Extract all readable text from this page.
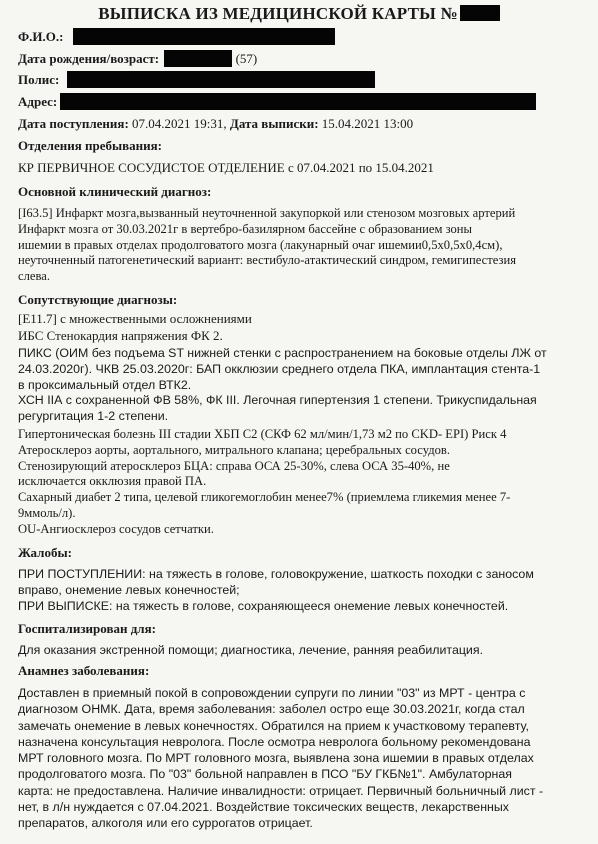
ВЫПИСКА ИЗ МЕДИЦИНСКОЙ КАРТЫ №
Ф.И.О.:
Дата рождения/возраст:	(57)
Полис:
Адрес:
Дата поступления: 07.04.2021 19:31, Дата выписки: 15.04.2021 13:00
Отделения пребывания:
КР ПЕРВИЧНОЕ СОСУДИСТОЕ ОТДЕЛЕНИЕ с 07.04.2021 по 15.04.2021
Основной клинический диагноз:
[I63.5] Инфаркт мозга,вызванный неуточненной закупоркой или стенозом мозговых артерий
Инфаркт мозга от 30.03.2021г в вертебро-базилярном бассейне с образованием зоны
ишемии в правых отделах продолговатого мозга (лакунарный очаг ишемии0,5х0,5х0,4см),
неуточненный патогенетический вариант: вестибуло-атактический синдром, гемигипестезия
слева.
Сопутствующие диагнозы:
[E11.7] с множественными осложнениями
ИБС Стенокардия напряжения ФК 2.
ПИКС (ОИМ без подъема ST нижней стенки с распространением на боковые отделы ЛЖ от
24.03.2020г). ЧКВ 25.03.2020г: БАП окклюзии среднего отдела ПКА, имплантация стента-1
в проксимальный отдел ВТК2.
ХСН IIА с сохраненной ФВ 58%, ФК III. Легочная гипертензия 1 степени. Трикуспидальная
регургитация 1-2 степени.
Гипертоническая болезнь III стадии ХБП С2 (СКФ 62 мл/мин/1,73 м2 по CKD- EPI) Риск 4
Атеросклероз аорты, аортального, митрального клапана; церебральных сосудов.
Стенозирующий атеросклероз БЦА: справа ОСА 25-30%, слева ОСА 35-40%, не
исключается окклюзия правой ПА.
Сахарный диабет 2 типа, целевой гликогемоглобин менее7% (приемлема гликемия менее 7-
9ммоль/л).
OU-Ангиосклероз сосудов сетчатки.
Жалобы:
ПРИ ПОСТУПЛЕНИИ: на тяжесть в голове, головокружение, шаткость походки с заносом
вправо, онемение левых конечностей;
ПРИ ВЫПИСКЕ: на тяжесть в голове, сохраняющееся онемение левых конечностей.
Госпитализирован для:
Для оказания экстренной помощи; диагностика, лечение, ранняя реабилитация.
Анамнез заболевания:
Доставлен в приемный покой в сопровождении супруги по линии "03" из МРТ - центра с
диагнозом ОНМК. Дата, время заболевания: заболел остро еще 30.03.2021г, когда стал
замечать онемение в левых конечностях. Обратился на прием к участковому терапевту,
назначена консультация невролога. После осмотра невролога больному рекомендована
МРТ головного мозга. По МРТ головного мозга, выявлена зона ишемии в правых отделах
продолговатого мозга. По "03" больной направлен в ПСО "БУ ГКБ№1". Амбулаторная
карта: не предоставлена. Наличие инвалидности: отрицает. Первичный больничный лист -
нет, в л/н нуждается с 07.04.2021. Воздействие токсических веществ, лекарственных
препаратов, алкоголя или его суррогатов отрицает.
